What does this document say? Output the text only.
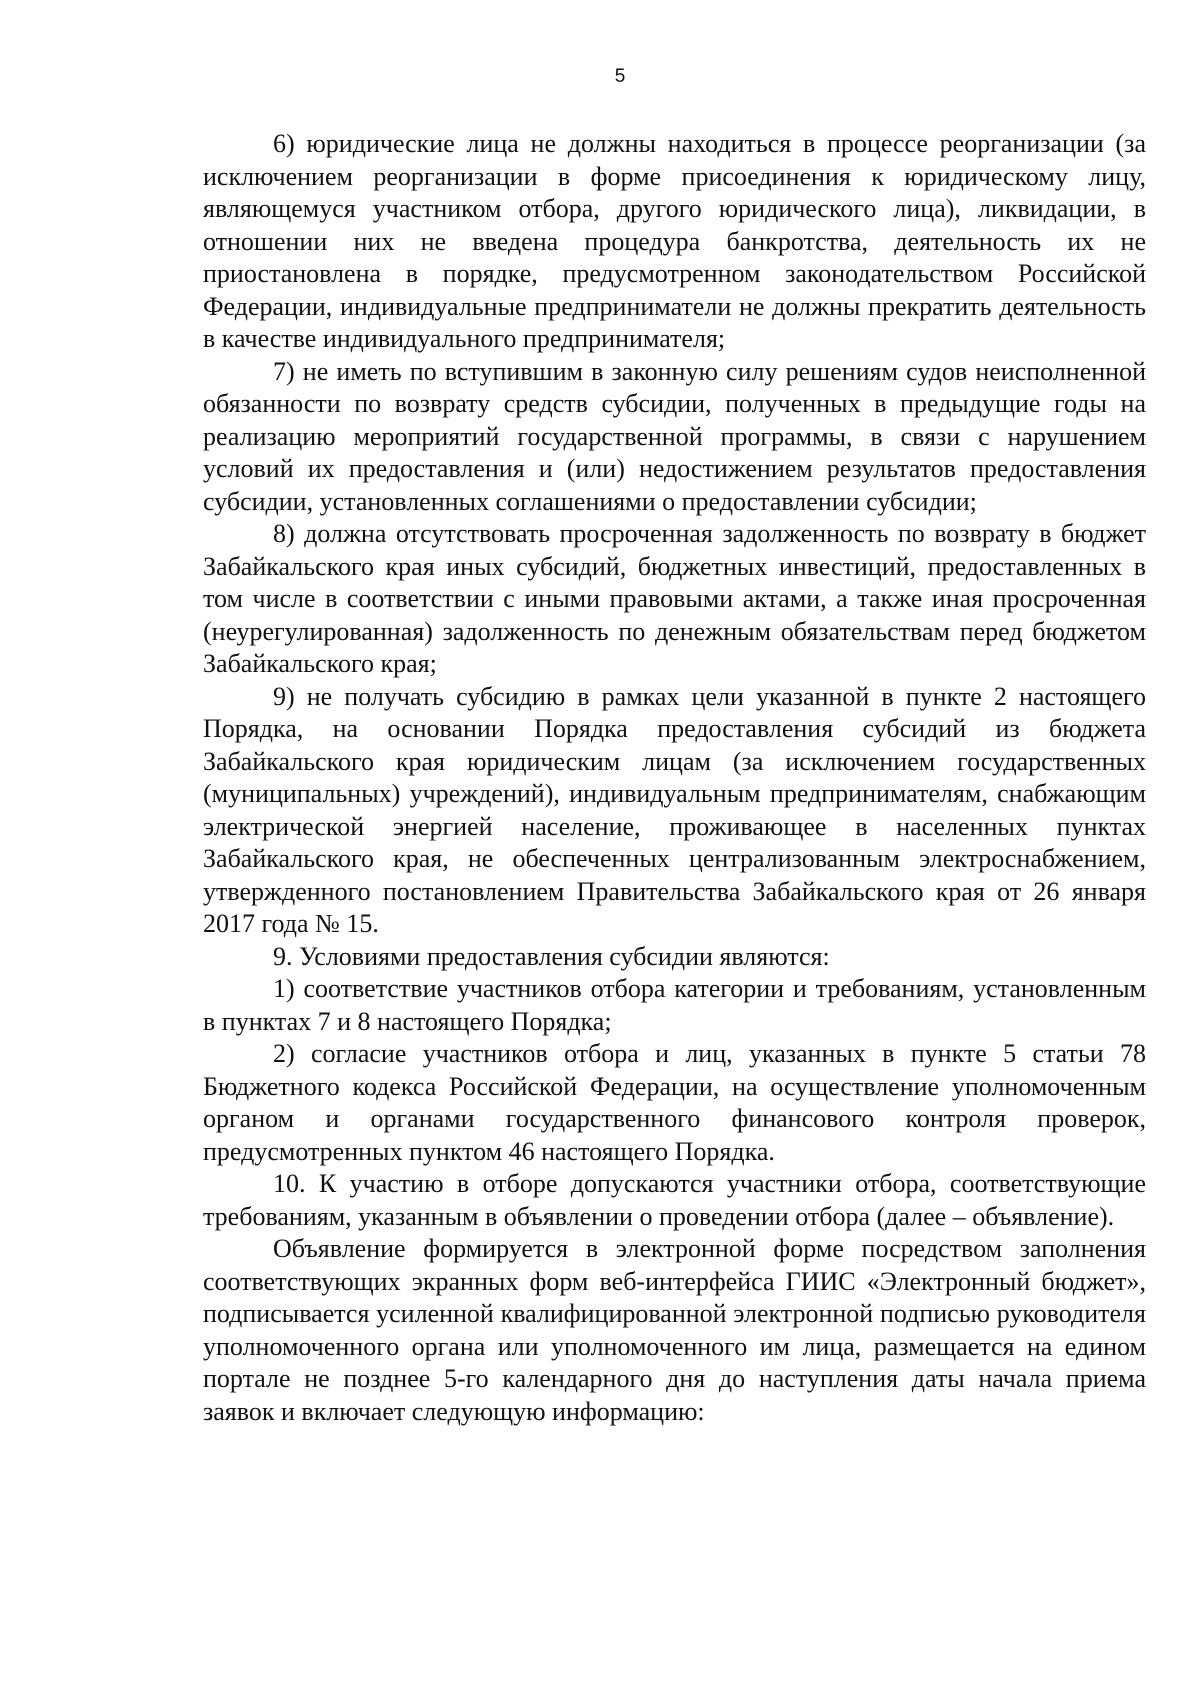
5

6) юридические лица не должны находиться в процессе реорганизации (за исключением реорганизации в форме присоединения к юридическому лицу, являющемуся участником отбора, другого юридического лица), ликвидации, в отношении них не введена процедура банкротства, деятельность их не приостановлена в порядке, предусмотренном законодательством Российской Федерации, индивидуальные предприниматели не должны прекратить деятельность в качестве индивидуального предпринимателя;

7) не иметь по вступившим в законную силу решениям судов неисполненной обязанности по возврату средств субсидии, полученных в предыдущие годы на реализацию мероприятий государственной программы, в связи с нарушением условий их предоставления и (или) недостижением результатов предоставления субсидии, установленных соглашениями о предоставлении субсидии;

8) должна отсутствовать просроченная задолженность по возврату в бюджет Забайкальского края иных субсидий, бюджетных инвестиций, предоставленных в том числе в соответствии с иными правовыми актами, а также иная просроченная (неурегулированная) задолженность по денежным обязательствам перед бюджетом Забайкальского края;

9) не получать субсидию в рамках цели указанной в пункте 2 настоящего Порядка, на основании Порядка предоставления субсидий из бюджета Забайкальского края юридическим лицам (за исключением государственных (муниципальных) учреждений), индивидуальным предпринимателям, снабжающим электрической энергией население, проживающее в населенных пунктах Забайкальского края, не обеспеченных централизованным электроснабжением, утвержденного постановлением Правительства Забайкальского края от 26 января 2017 года № 15.

9. Условиями предоставления субсидии являются:

1) соответствие участников отбора категории и требованиям, установленным в пунктах 7 и 8 настоящего Порядка;

2) согласие участников отбора и лиц, указанных в пункте 5 статьи 78 Бюджетного кодекса Российской Федерации, на осуществление уполномоченным органом и органами государственного финансового контроля проверок, предусмотренных пунктом 46 настоящего Порядка.

10. К участию в отборе допускаются участники отбора, соответствующие требованиям, указанным в объявлении о проведении отбора (далее – объявление).

Объявление формируется в электронной форме посредством заполнения соответствующих экранных форм веб-интерфейса ГИИС «Электронный бюджет», подписывается усиленной квалифицированной электронной подписью руководителя уполномоченного органа или уполномоченного им лица, размещается на едином портале не позднее 5-го календарного дня до наступления даты начала приема заявок и включает следующую информацию:
